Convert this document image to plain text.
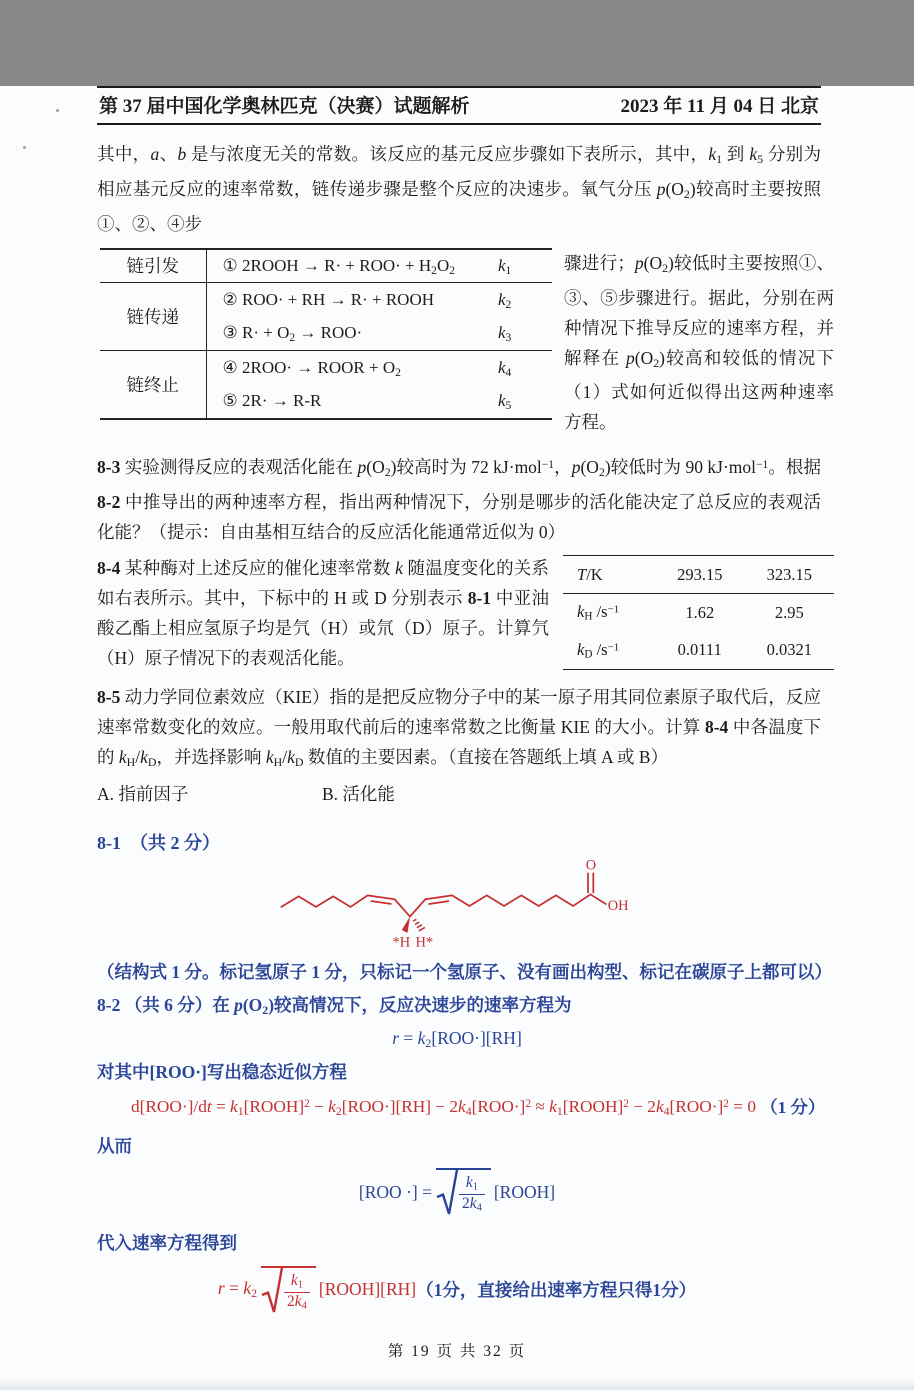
第 37 届中国化学奥林匹克（决赛）试题解析	2023 年 11 月 04 日 北京

其中，a、b 是与浓度无关的常数。该反应的基元反应步骤如下表所示，其中，k1 到 k5 分别为相应基元反应的速率常数，链传递步骤是整个反应的决速步。氧气分压 p(O2)较高时主要按照①、②、④步

链引发	① 2ROOH → R· + ROO· + H2O2	k1
链传递	② ROO· + RH → R· + ROOH	k2
	③ R· + O2 → ROO·	k3
链终止	④ 2ROO· → ROOR + O2	k4
	⑤ 2R· → R-R	k5
骤进行；p(O2)较低时主要按照①、③、⑤步骤进行。据此，分别在两种情况下推导反应的速率方程，并解释在 p(O2)较高和较低的情况下（1）式如何近似得出这两种速率方程。

8-3 实验测得反应的表观活化能在 p(O2)较高时为 72 kJ·mol$^{-1}$，p(O2)较低时为 90 kJ·mol$^{-1}$。根据 8-2 中推导出的两种速率方程，指出两种情况下，分别是哪步的活化能决定了总反应的表观活化能？（提示：自由基相互结合的反应活化能通常近似为 0）

8-4 某种酶对上述反应的催化速率常数 k 随温度变化的关系如右表所示。其中，下标中的 H 或 D 分别表示 8-1 中亚油酸乙酯上相应氢原子均是氕（H）或氘（D）原子。计算氕（H）原子情况下的表观活化能。

T/K	293.15	323.15
kH $/s^{-1}$	1.62	2.95
kD $/s^{-1}$	0.0111	0.0321

8-5 动力学同位素效应（KIE）指的是把反应物分子中的某一原子用其同位素原子取代后，反应速率常数变化的效应。一般用取代前后的速率常数之比衡量 KIE 的大小。计算 8-4 中各温度下的 kH/kD，并选择影响 kH/kD 数值的主要因素。（直接在答题纸上填 A 或 B）

A. 指前因子	B. 活化能

8-1 （共 2 分）

O
OH
*H H*

（结构式 1 分。标记氢原子 1 分，只标记一个氢原子、没有画出构型、标记在碳原子上都可以）

8-2 （共 6 分）在 p(O2)较高情况下，反应决速步的速率方程为

r = k2[ROO·][RH]

对其中[ROO·]写出稳态近似方程

d[ROO·]/dt = k1[ROOH]$^2$ − $k2[ROO\cdot][RH] - 2k4[ROO\cdot]^2$ ≈ k1[ROOH]$^2$ − $2k4[ROO\cdot]^2 = 0$ （1 分）

从而

[ROO ·] = $\frac{k1}{2k4}$ [ROOH]

代入速率方程得到

$r = k2 \frac{k1}{2k4}$ [ROOH][RH] （1分，直接给出速率方程只得1分）
第 19 页 共 32 页
